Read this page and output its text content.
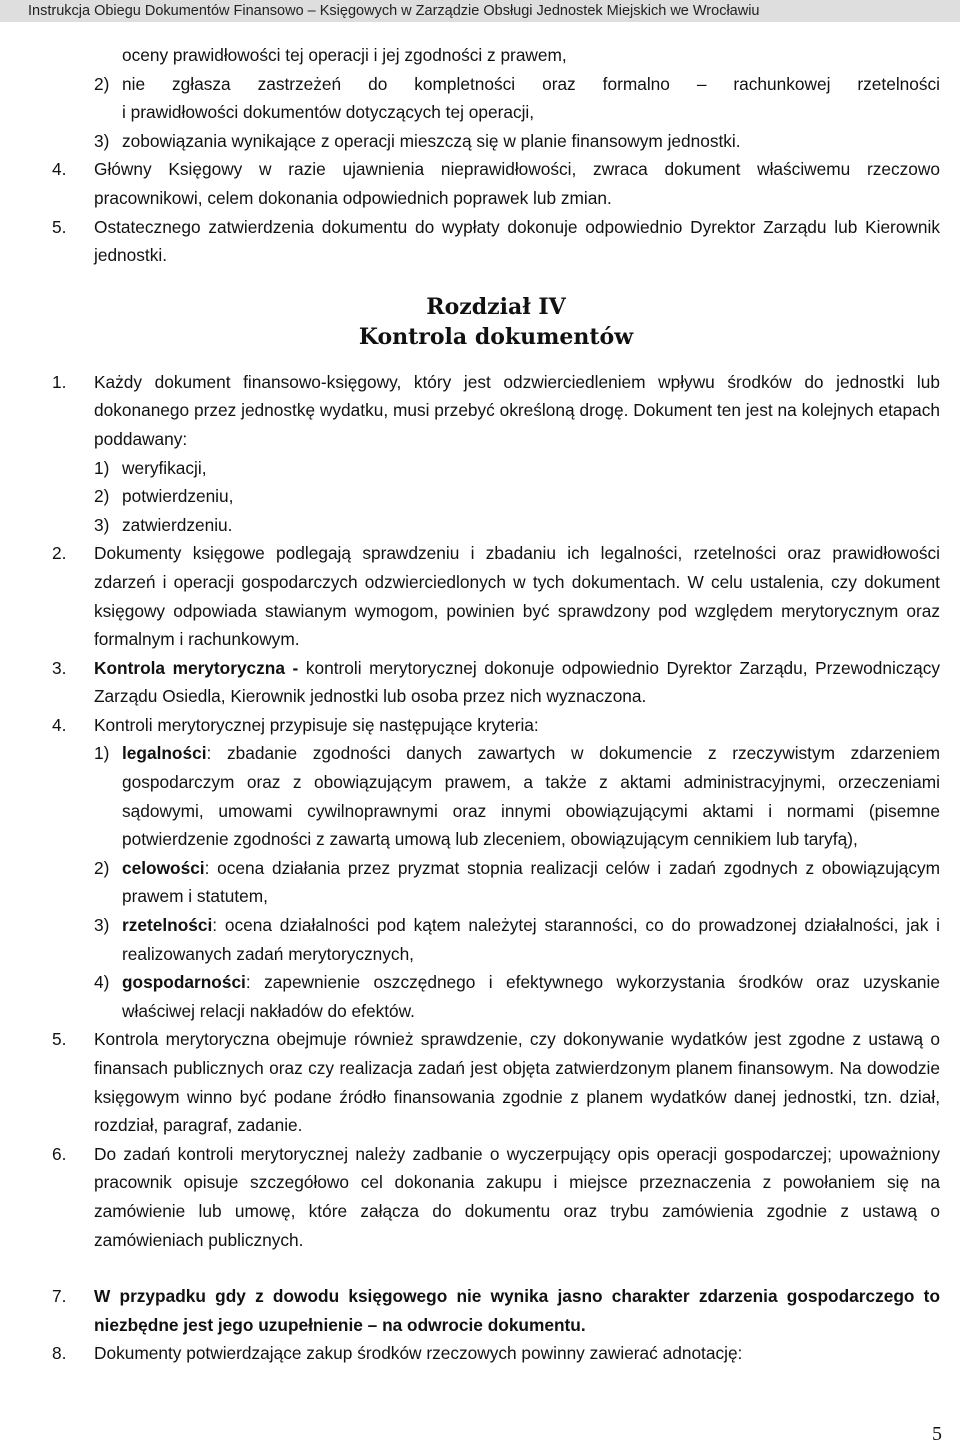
Instrukcja Obiegu Dokumentów Finansowo – Księgowych w Zarządzie Obsługi Jednostek Miejskich we Wrocławiu

oceny prawidłowości tej operacji i jej zgodności z prawem,

2) nie zgłasza zastrzeżeń do kompletności oraz formalno – rachunkowej rzetelności

i prawidłowości dokumentów dotyczących tej operacji,

3) zobowiązania wynikające z operacji mieszczą się w planie finansowym jednostki.

4. Główny Księgowy w razie ujawnienia nieprawidłowości, zwraca dokument właściwemu rzeczowo pracownikowi, celem dokonania odpowiednich poprawek lub zmian.

5. Ostatecznego zatwierdzenia dokumentu do wypłaty dokonuje odpowiednio Dyrektor Zarządu lub Kierownik jednostki.

Rozdział IV
Kontrola dokumentów

1. Każdy dokument finansowo-księgowy, który jest odzwierciedleniem wpływu środków do jednostki lub dokonanego przez jednostkę wydatku, musi przebyć określoną drogę. Dokument ten jest na kolejnych etapach poddawany:

1) weryfikacji,

2) potwierdzeniu,

3) zatwierdzeniu.

2. Dokumenty księgowe podlegają sprawdzeniu i zbadaniu ich legalności, rzetelności oraz prawidłowości zdarzeń i operacji gospodarczych odzwierciedlonych w tych dokumentach. W celu ustalenia, czy dokument księgowy odpowiada stawianym wymogom, powinien być sprawdzony pod względem merytorycznym oraz formalnym i rachunkowym.

3. Kontrola merytoryczna - kontroli merytorycznej dokonuje odpowiednio Dyrektor Zarządu, Przewodniczący Zarządu Osiedla, Kierownik jednostki lub osoba przez nich wyznaczona.

4. Kontroli merytorycznej przypisuje się następujące kryteria:

1) legalności: zbadanie zgodności danych zawartych w dokumencie z rzeczywistym zdarzeniem gospodarczym oraz z obowiązującym prawem, a także z aktami administracyjnymi, orzeczeniami sądowymi, umowami cywilnoprawnymi oraz innymi obowiązującymi aktami i normami (pisemne potwierdzenie zgodności z zawartą umową lub zleceniem, obowiązującym cennikiem lub taryfą),

2) celowości: ocena działania przez pryzmat stopnia realizacji celów i zadań zgodnych z obowiązującym prawem i statutem,

3) rzetelności: ocena działalności pod kątem należytej staranności, co do prowadzonej działalności, jak i realizowanych zadań merytorycznych,

4) gospodarności: zapewnienie oszczędnego i efektywnego wykorzystania środków oraz uzyskanie właściwej relacji nakładów do efektów.

5. Kontrola merytoryczna obejmuje również sprawdzenie, czy dokonywanie wydatków jest zgodne z ustawą o finansach publicznych oraz czy realizacja zadań jest objęta zatwierdzonym planem finansowym. Na dowodzie księgowym winno być podane źródło finansowania zgodnie z planem wydatków danej jednostki, tzn. dział, rozdział, paragraf, zadanie.

6. Do zadań kontroli merytorycznej należy zadbanie o wyczerpujący opis operacji gospodarczej; upoważniony pracownik opisuje szczegółowo cel dokonania zakupu i miejsce przeznaczenia z powołaniem się na zamówienie lub umowę, które załącza do dokumentu oraz trybu zamówienia zgodnie z ustawą o zamówieniach publicznych.

7. W przypadku gdy z dowodu księgowego nie wynika jasno charakter zdarzenia gospodarczego to niezbędne jest jego uzupełnienie – na odwrocie dokumentu.

8. Dokumenty potwierdzające zakup środków rzeczowych powinny zawierać adnotację:

5
